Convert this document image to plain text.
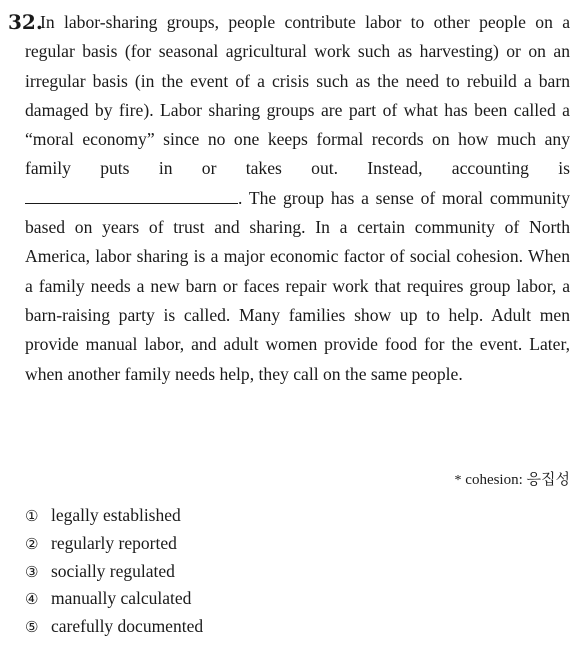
32.

In labor-sharing groups, people contribute labor to other people on a regular basis (for seasonal agricultural work such as harvesting) or on an irregular basis (in the event of a crisis such as the need to rebuild a barn damaged by fire). Labor sharing groups are part of what has been called a “moral economy” since no one keeps formal records on how much any family puts in or takes out. Instead, accounting is . The group has a sense of moral community based on years of trust and sharing. In a certain community of North America, labor sharing is a major economic factor of social cohesion. When a family needs a new barn or faces repair work that requires group labor, a barn-raising party is called. Many families show up to help. Adult men provide manual labor, and adult women provide food for the event. Later, when another family needs help, they call on the same people.

* cohesion: 응집성
① legally established
② regularly reported
③ socially regulated
④ manually calculated
⑤ carefully documented
